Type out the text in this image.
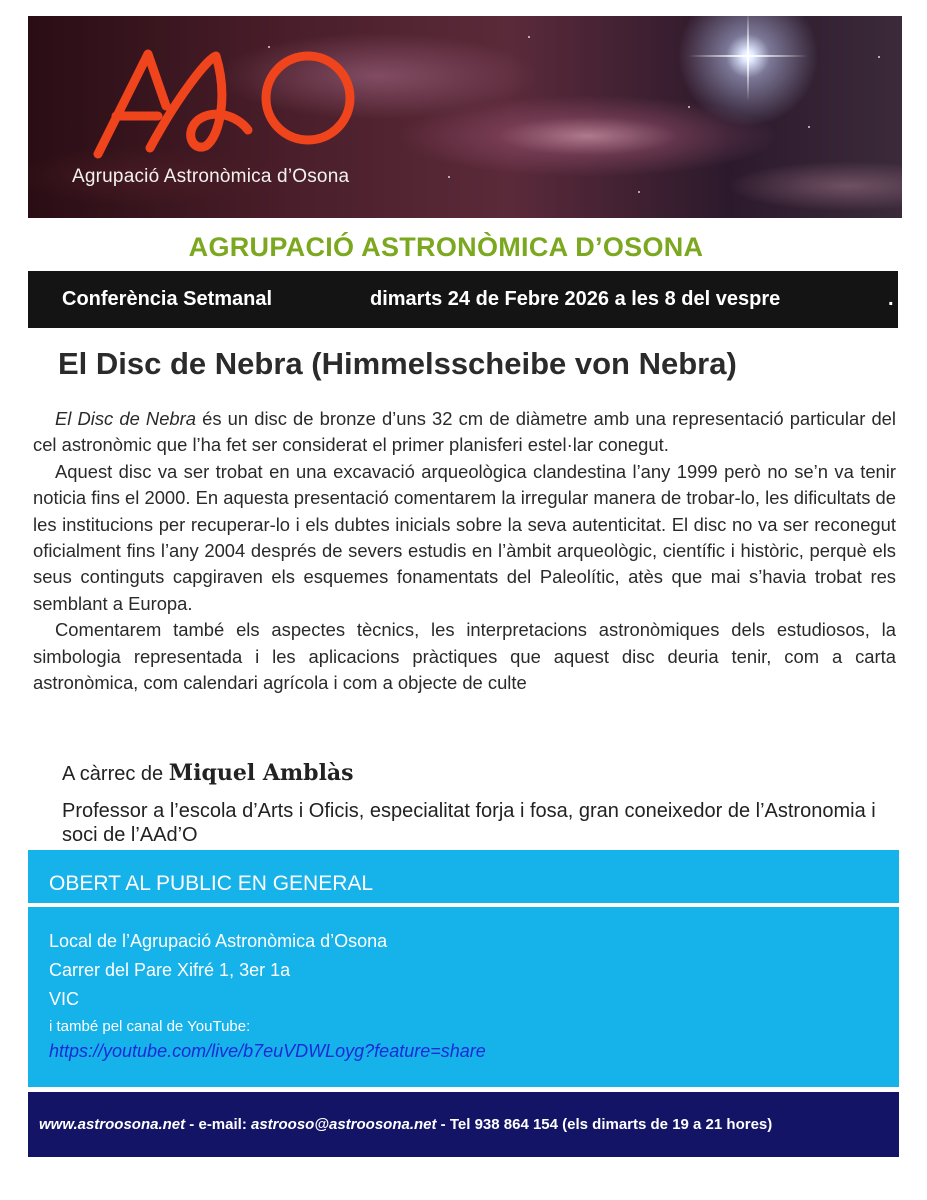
Agrupació Astronòmica d’Osona
AGRUPACIÓ ASTRONÒMICA D’OSONA
Conferència Setmanal	dimarts 24 de Febre 2026 a les 8 del vespre	.
El Disc de Nebra (Himmelsscheibe von Nebra)

El Disc de Nebra és un disc de bronze d’uns 32 cm de diàmetre amb una representació particular del cel astronòmic que l’ha fet ser considerat el primer planisferi estel·lar conegut.

Aquest disc va ser trobat en una excavació arqueològica clandestina l’any 1999 però no se’n va tenir noticia fins el 2000. En aquesta presentació comentarem la irregular manera de trobar-lo, les dificultats de les institucions per recuperar-lo i els dubtes inicials sobre la seva autenticitat. El disc no va ser reconegut oficialment fins l’any 2004 després de severs estudis en l’àmbit arqueològic, científic i històric, perquè els seus continguts capgiraven els esquemes fonamentats del Paleolític, atès que mai s’havia trobat res semblant a Europa.

Comentarem també els aspectes tècnics, les interpretacions astronòmiques dels estudiosos, la simbologia representada i les aplicacions pràctiques que aquest disc deuria tenir, com a carta astronòmica, com calendari agrícola i com a objecte de culte

A càrrec de Miquel Amblàs
Professor a l’escola d’Arts i Oficis, especialitat forja i fosa, gran coneixedor de l’Astronomia i soci de l’AAd’O
OBERT AL PUBLIC EN GENERAL
Local de l’Agrupació Astronòmica d’Osona
Carrer del Pare Xifré 1, 3er 1a
VIC
i també pel canal de YouTube:
https://youtube.com/live/b7euVDWLoyg?feature=share
www.astroosona.net - e-mail: astrooso@astroosona.net - Tel 938 864 154 (els dimarts de 19 a 21 hores)
